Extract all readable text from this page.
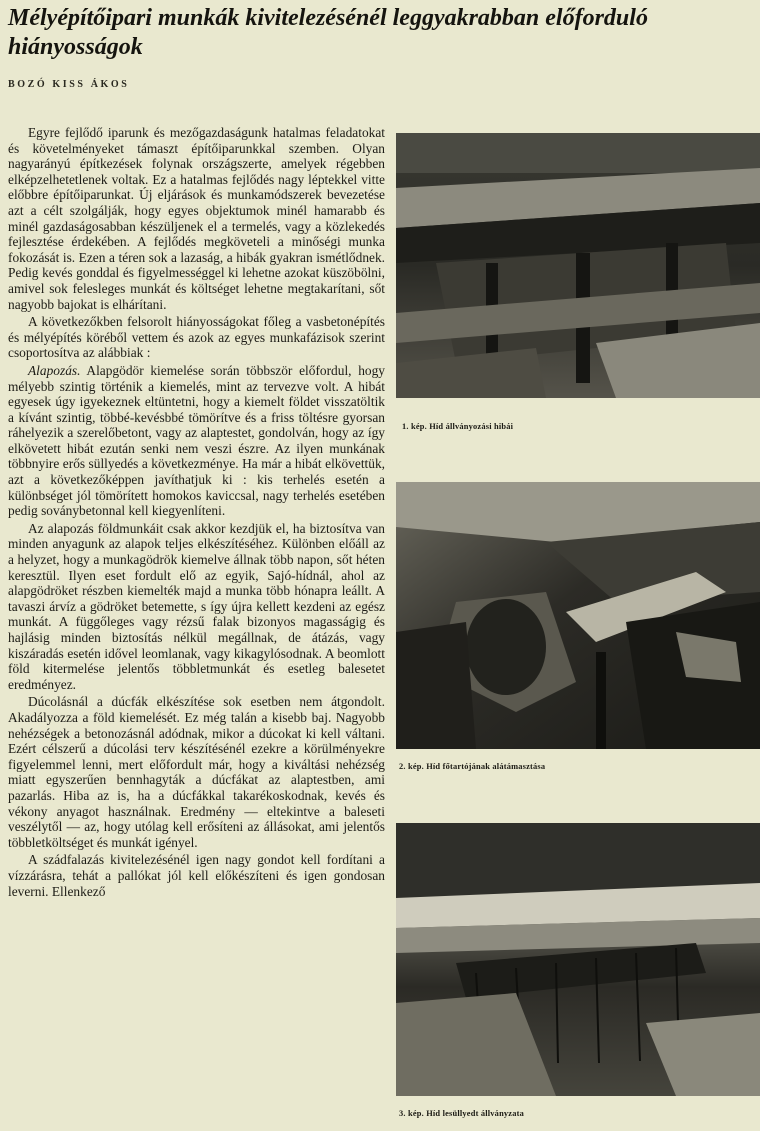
Mélyépítőipari munkák kivitelezésénél leggyakrabban előforduló hiányosságok
BOZÓ KISS ÁKOS

Egyre fejlődő iparunk és mezőgazdaságunk hatalmas feladatokat és követelményeket támaszt építőiparunkkal szemben. Olyan nagyarányú építkezések folynak országszerte, amelyek régebben elképzelhetetlenek voltak. Ez a hatalmas fejlődés nagy léptekkel vitte előbbre építőiparunkat. Új eljárások és munkamódszerek bevezetése azt a célt szolgálják, hogy egyes objektumok minél hamarabb és minél gazdaságosabban készüljenek el a termelés, vagy a közlekedés fejlesztése érdekében. A fejlődés megköveteli a minőségi munka fokozását is. Ezen a téren sok a lazaság, a hibák gyakran ismétlődnek. Pedig kevés gonddal és figyelmességgel ki lehetne azokat küszöbölni, amivel sok felesleges munkát és költséget lehetne megtakarítani, sőt nagyobb bajokat is elhárítani.

A következőkben felsorolt hiányosságokat főleg a vasbetonépítés és mélyépítés köréből vettem és azok az egyes munkafázisok szerint csoportosítva az alábbiak :

Alapozás. Alapgödör kiemelése során többször előfordul, hogy mélyebb szintig történik a kiemelés, mint az tervezve volt. A hibát egyesek úgy igyekeznek eltüntetni, hogy a kiemelt földet visszatöltik a kívánt szintig, többé-kevésbbé tömörítve és a friss töltésre gyorsan ráhelyezik a szerelőbetont, vagy az alaptestet, gondolván, hogy az így elkövetett hibát ezután senki nem veszi észre. Az ilyen munkának többnyire erős süllyedés a következménye. Ha már a hibát elkövettük, azt a következőképpen javíthatjuk ki : kis terhelés esetén a különbséget jól tömörített homokos kaviccsal, nagy terhelés esetében pedig soványbetonnal kell kiegyenlíteni.

Az alapozás földmunkáit csak akkor kezdjük el, ha biztosítva van minden anyagunk az alapok teljes elkészítéséhez. Különben előáll az a helyzet, hogy a munkagödrök kiemelve állnak több napon, sőt héten keresztül. Ilyen eset fordult elő az egyik, Sajó-hídnál, ahol az alapgödröket részben kiemelték majd a munka több hónapra leállt. A tavaszi árvíz a gödröket betemette, s így újra kellett kezdeni az egész munkát. A függőleges vagy rézsű falak bizonyos magasságig és hajlásig minden biztosítás nélkül megállnak, de átázás, vagy kiszáradás esetén idővel leomlanak, vagy kikagylósodnak. A beomlott föld kitermelése jelentős többletmunkát és esetleg balesetet eredményez.

Dúcolásnál a dúcfák elkészítése sok esetben nem átgondolt. Akadályozza a föld kiemelését. Ez még talán a kisebb baj. Nagyobb nehézségek a betonozásnál adódnak, mikor a dúcokat ki kell váltani. Ezért célszerű a dúcolási terv készítésénél ezekre a körülményekre figyelemmel lenni, mert előfordult már, hogy a kiváltási nehézség miatt egyszerűen bennhagyták a dúcfákat az alaptestben, ami pazarlás. Hiba az is, ha a dúcfákkal takarékoskodnak, kevés és vékony anyagot használnak. Eredmény — eltekintve a baleseti veszélytől — az, hogy utólag kell erősíteni az állásokat, ami jelentős többletköltséget és munkát igényel.

A szádfalazás kivitelezésénél igen nagy gondot kell fordítani a vízzárásra, tehát a pallókat jól kell előkészíteni és igen gondosan leverni. Ellenkező

1. kép. Híd állványozási hibái
2. kép. Híd főtartójának alátámasztása
3. kép. Híd lesüllyedt állványzata
